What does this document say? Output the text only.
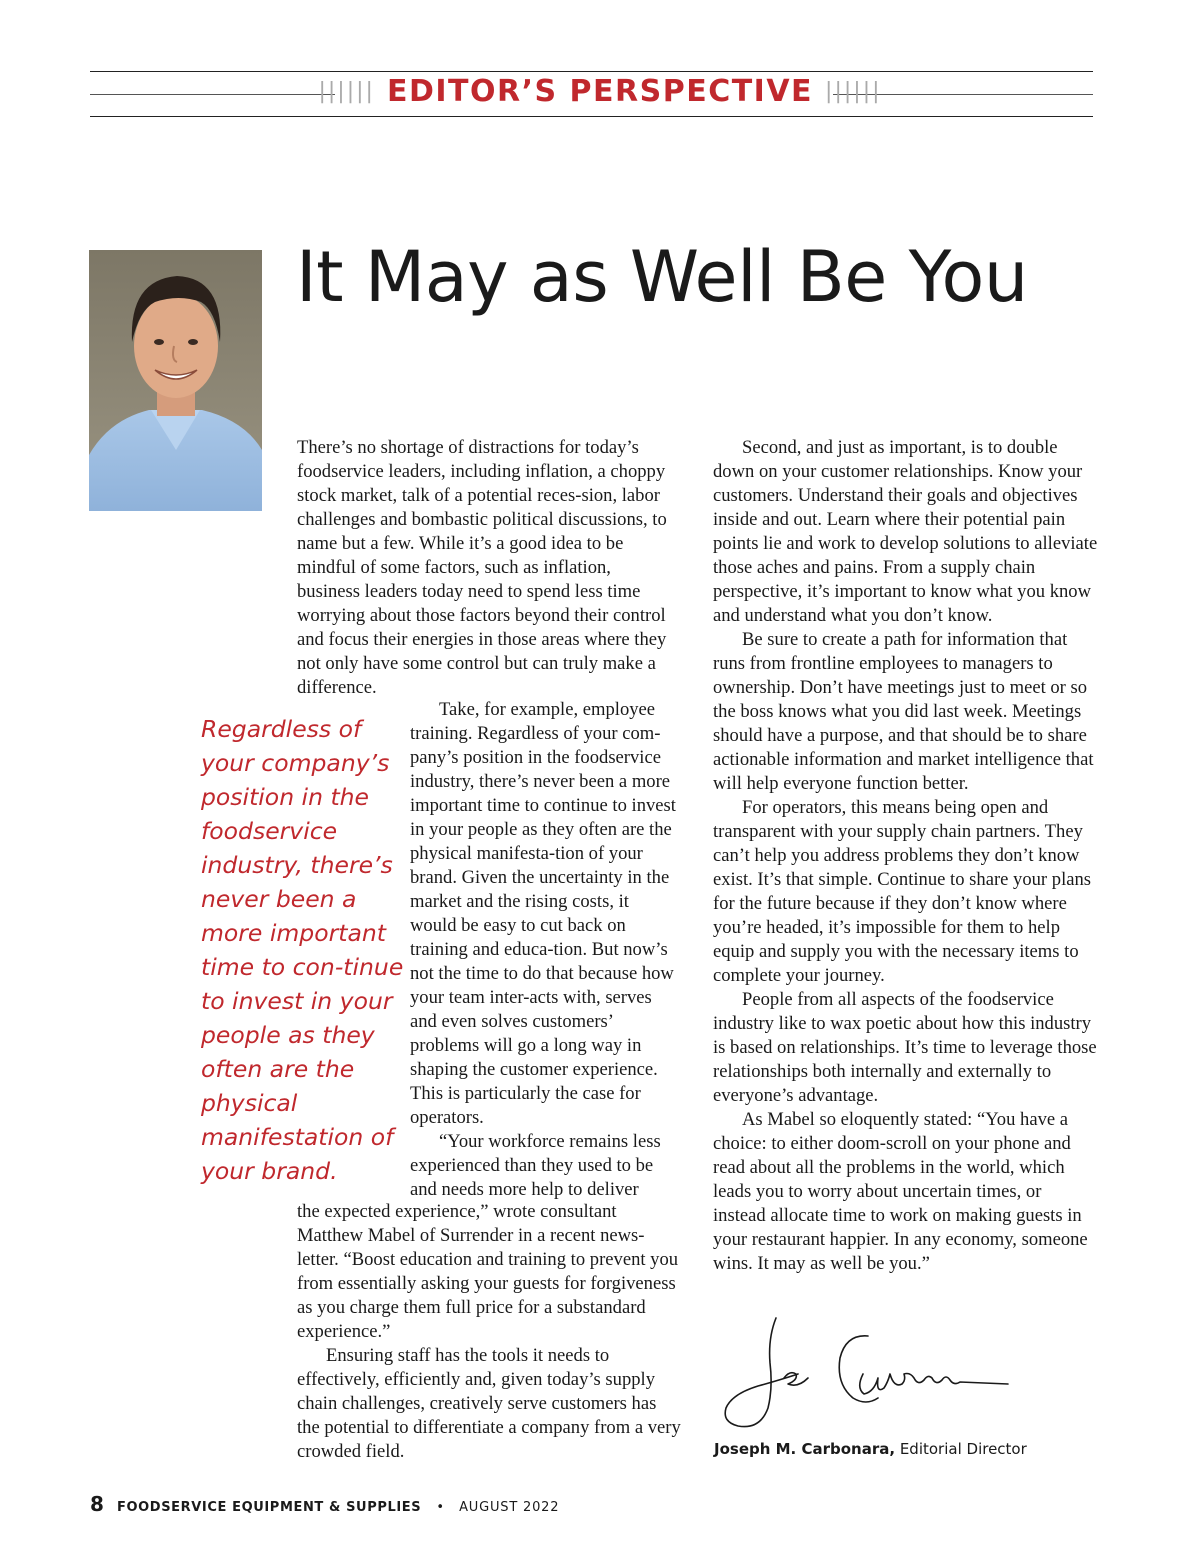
|||||| EDITOR’S PERSPECTIVE ||||||
It May as Well Be You

There’s no shortage of distractions for today’s foodservice leaders, including inflation, a choppy stock market, talk of a potential reces-sion, labor challenges and bombastic political discussions, to name but a few. While it’s a good idea to be mindful of some factors, such as inflation, business leaders today need to spend less time worrying about those factors beyond their control and focus their energies in those areas where they not only have some control but can truly make a difference.

Regardless of your company’s position in the foodservice industry, there’s never been a more important time to con-tinue to invest in your people as they often are the physical manifestation of your brand.

Take, for example, employee training. Regardless of your com-pany’s position in the foodservice industry, there’s never been a more important time to continue to invest in your people as they often are the physical manifesta-tion of your brand. Given the uncertainty in the market and the rising costs, it would be easy to cut back on training and educa-tion. But now’s not the time to do that because how your team inter-acts with, serves and even solves customers’ problems will go a long way in shaping the customer experience. This is particularly the case for operators.

“Your workforce remains less experienced than they used to be and needs more help to deliver

the expected experience,” wrote consultant Matthew Mabel of Surrender in a recent news-letter. “Boost education and training to prevent you from essentially asking your guests for forgiveness as you charge them full price for a substandard experience.”

Ensuring staff has the tools it needs to effectively, efficiently and, given today’s supply chain challenges, creatively serve customers has the potential to differentiate a company from a very crowded field.

Second, and just as important, is to double down on your customer relationships. Know your customers. Understand their goals and objectives inside and out. Learn where their potential pain points lie and work to develop solutions to alleviate those aches and pains. From a supply chain perspective, it’s important to know what you know and understand what you don’t know.

Be sure to create a path for information that runs from frontline employees to managers to ownership. Don’t have meetings just to meet or so the boss knows what you did last week. Meetings should have a purpose, and that should be to share actionable information and market intelligence that will help everyone function better.

For operators, this means being open and transparent with your supply chain partners. They can’t help you address problems they don’t know exist. It’s that simple. Continue to share your plans for the future because if they don’t know where you’re headed, it’s impossible for them to help equip and supply you with the necessary items to complete your journey.

People from all aspects of the foodservice industry like to wax poetic about how this industry is based on relationships. It’s time to leverage those relationships both internally and externally to everyone’s advantage.

As Mabel so eloquently stated: “You have a choice: to either doom-scroll on your phone and read about all the problems in the world, which leads you to worry about uncertain times, or instead allocate time to work on making guests in your restaurant happier. In any economy, someone wins. It may as well be you.”

Joseph M. Carbonara, Editorial Director
8 FOODSERVICE EQUIPMENT & SUPPLIES • AUGUST 2022
